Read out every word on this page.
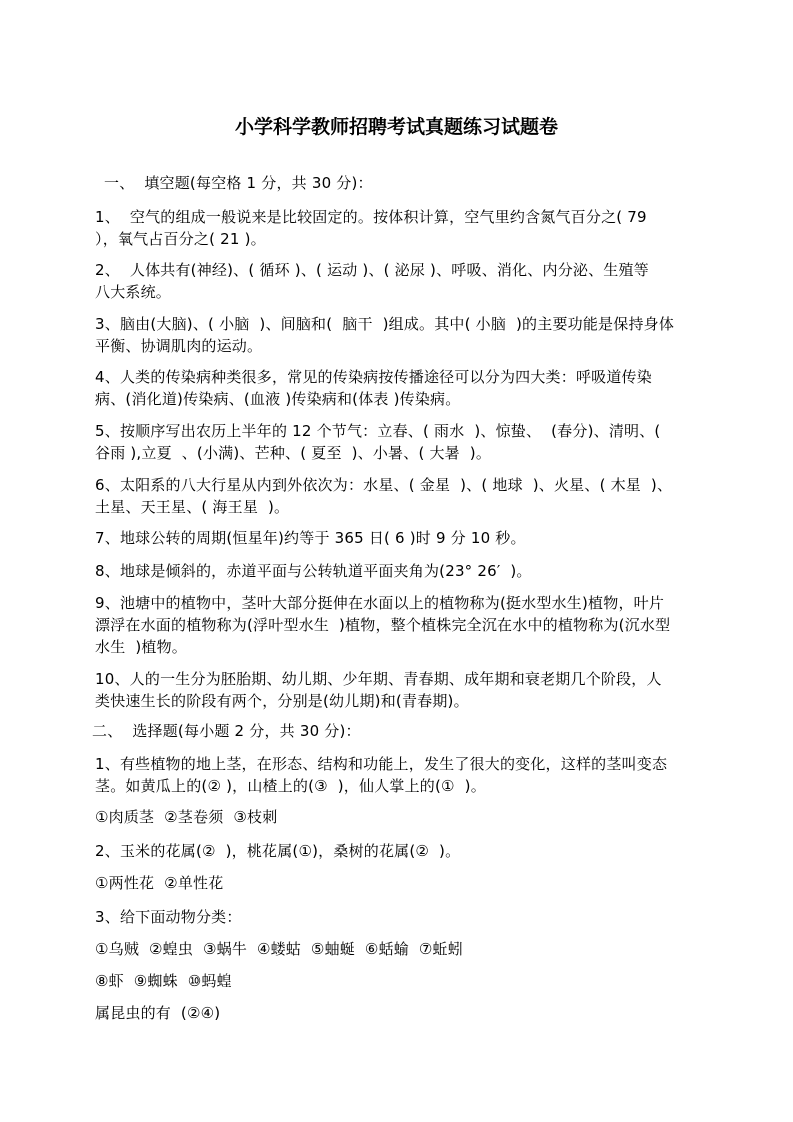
小学科学教师招聘考试真题练习试题卷
一、  填空题(每空格 1 分，共 30 分)：
1、  空气的组成一般说来是比较固定的。按体积计算，空气里约含氮气百分之( 79
），氧气占百分之( 21 )。
2、  人体共有(神经)、( 循环 )、( 运动 )、( 泌尿 )、呼吸、消化、内分泌、生殖等
八大系统。
3、脑由(大脑)、( 小脑  )、间脑和(  脑干  )组成。其中( 小脑  )的主要功能是保持身体
平衡、协调肌肉的运动。
4、人类的传染病种类很多，常见的传染病按传播途径可以分为四大类：呼吸道传染
病、(消化道)传染病、(血液 )传染病和(体表 )传染病。
5、按顺序写出农历上半年的 12 个节气：立春、( 雨水  )、惊蛰、  (春分)、清明、(
谷雨 ),立夏  、(小满)、芒种、( 夏至  )、小暑、( 大暑  )。
6、太阳系的八大行星从内到外依次为：水星、( 金星  )、( 地球  )、火星、( 木星  )、
土星、天王星、( 海王星  )。
7、地球公转的周期(恒星年)约等于 365 日( 6 )时 9 分 10 秒。
8、地球是倾斜的，赤道平面与公转轨道平面夹角为(23° 26′  )。
9、池塘中的植物中，茎叶大部分挺伸在水面以上的植物称为(挺水型水生)植物，叶片
漂浮在水面的植物称为(浮叶型水生  )植物，整个植株完全沉在水中的植物称为(沉水型
水生  )植物。
10、人的一生分为胚胎期、幼儿期、少年期、青春期、成年期和衰老期几个阶段，人
类快速生长的阶段有两个，分别是(幼儿期)和(青春期)。
二、  选择题(每小题 2 分，共 30 分)：
1、有些植物的地上茎，在形态、结构和功能上，发生了很大的变化，这样的茎叫变态
茎。如黄瓜上的(② )，山楂上的(③  )，仙人掌上的(①  )。
①肉质茎  ②茎卷须  ③枝刺
2、玉米的花属(②  )，桃花属(①)，桑树的花属(②  )。
①两性花  ②单性花
3、给下面动物分类：
①乌贼  ②蝗虫  ③蜗牛  ④蝼蛄  ⑤蚰蜒  ⑥蛞蝓  ⑦蚯蚓
⑧虾  ⑨蜘蛛  ⑩蚂蝗
属昆虫的有  (②④)
